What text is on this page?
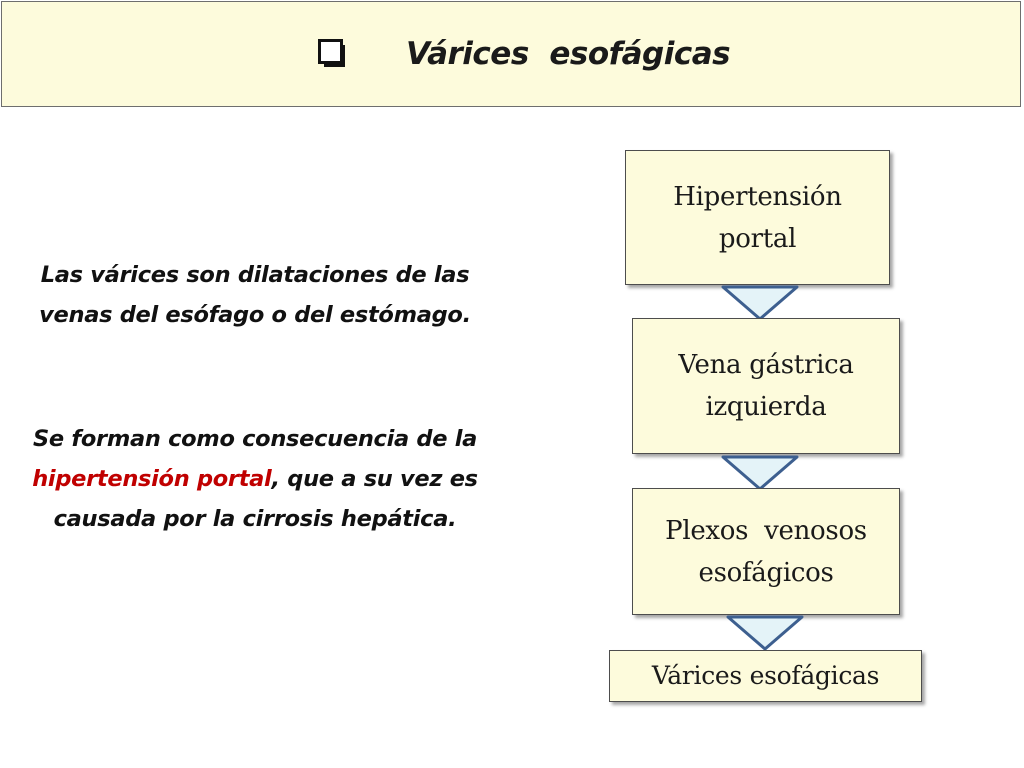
Várices  esofágicas
Las várices son dilataciones de las venas del esófago o del estómago.
Se forman como consecuencia de la hipertensión portal, que a su vez es causada por la cirrosis hepática.
Hipertensión portal
Vena gástrica izquierda
Plexos  venosos esofágicos
Várices esofágicas
